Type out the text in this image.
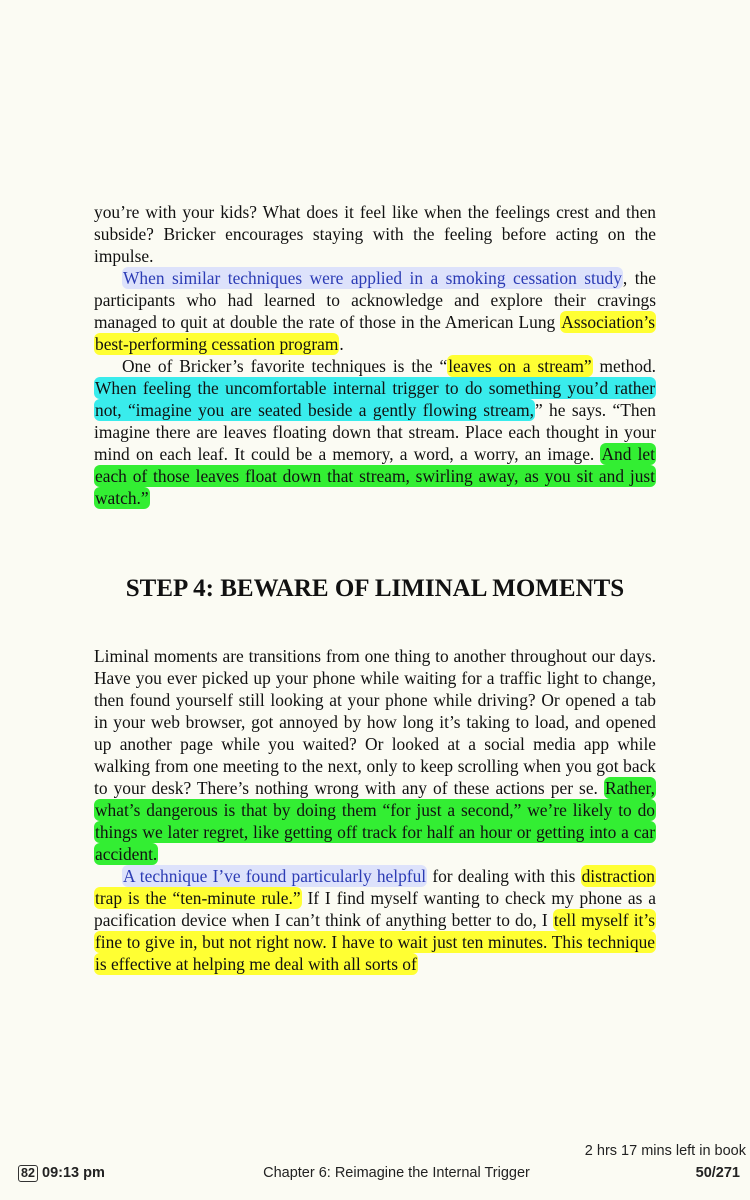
you’re with your kids? What does it feel like when the feelings crest and then subside? Bricker encourages staying with the feeling before acting on the impulse.

When similar techniques were applied in a smoking cessation study, the participants who had learned to acknowledge and explore their cravings managed to quit at double the rate of those in the American Lung Association’s best-performing cessation program.

One of Bricker’s favorite techniques is the “leaves on a stream” method. When feeling the uncomfortable internal trigger to do something you’d rather not, “imagine you are seated beside a gently flowing stream,” he says. “Then imagine there are leaves floating down that stream. Place each thought in your mind on each leaf. It could be a memory, a word, a worry, an image. And let each of those leaves float down that stream, swirling away, as you sit and just watch.”

STEP 4: BEWARE OF LIMINAL MOMENTS

Liminal moments are transitions from one thing to another throughout our days. Have you ever picked up your phone while waiting for a traffic light to change, then found yourself still looking at your phone while driving? Or opened a tab in your web browser, got annoyed by how long it’s taking to load, and opened up another page while you waited? Or looked at a social media app while walking from one meeting to the next, only to keep scrolling when you got back to your desk? There’s nothing wrong with any of these actions per se. Rather, what’s dangerous is that by doing them “for just a second,” we’re likely to do things we later regret, like getting off track for half an hour or getting into a car accident.

A technique I’ve found particularly helpful for dealing with this distraction trap is the “ten-minute rule.” If I find myself wanting to check my phone as a pacification device when I can’t think of anything better to do, I tell myself it’s fine to give in, but not right now. I have to wait just ten minutes. This technique is effective at helping me deal with all sorts of

2 hrs 17 mins left in book
82 09:13 pm	Chapter 6: Reimagine the Internal Trigger	50/271
